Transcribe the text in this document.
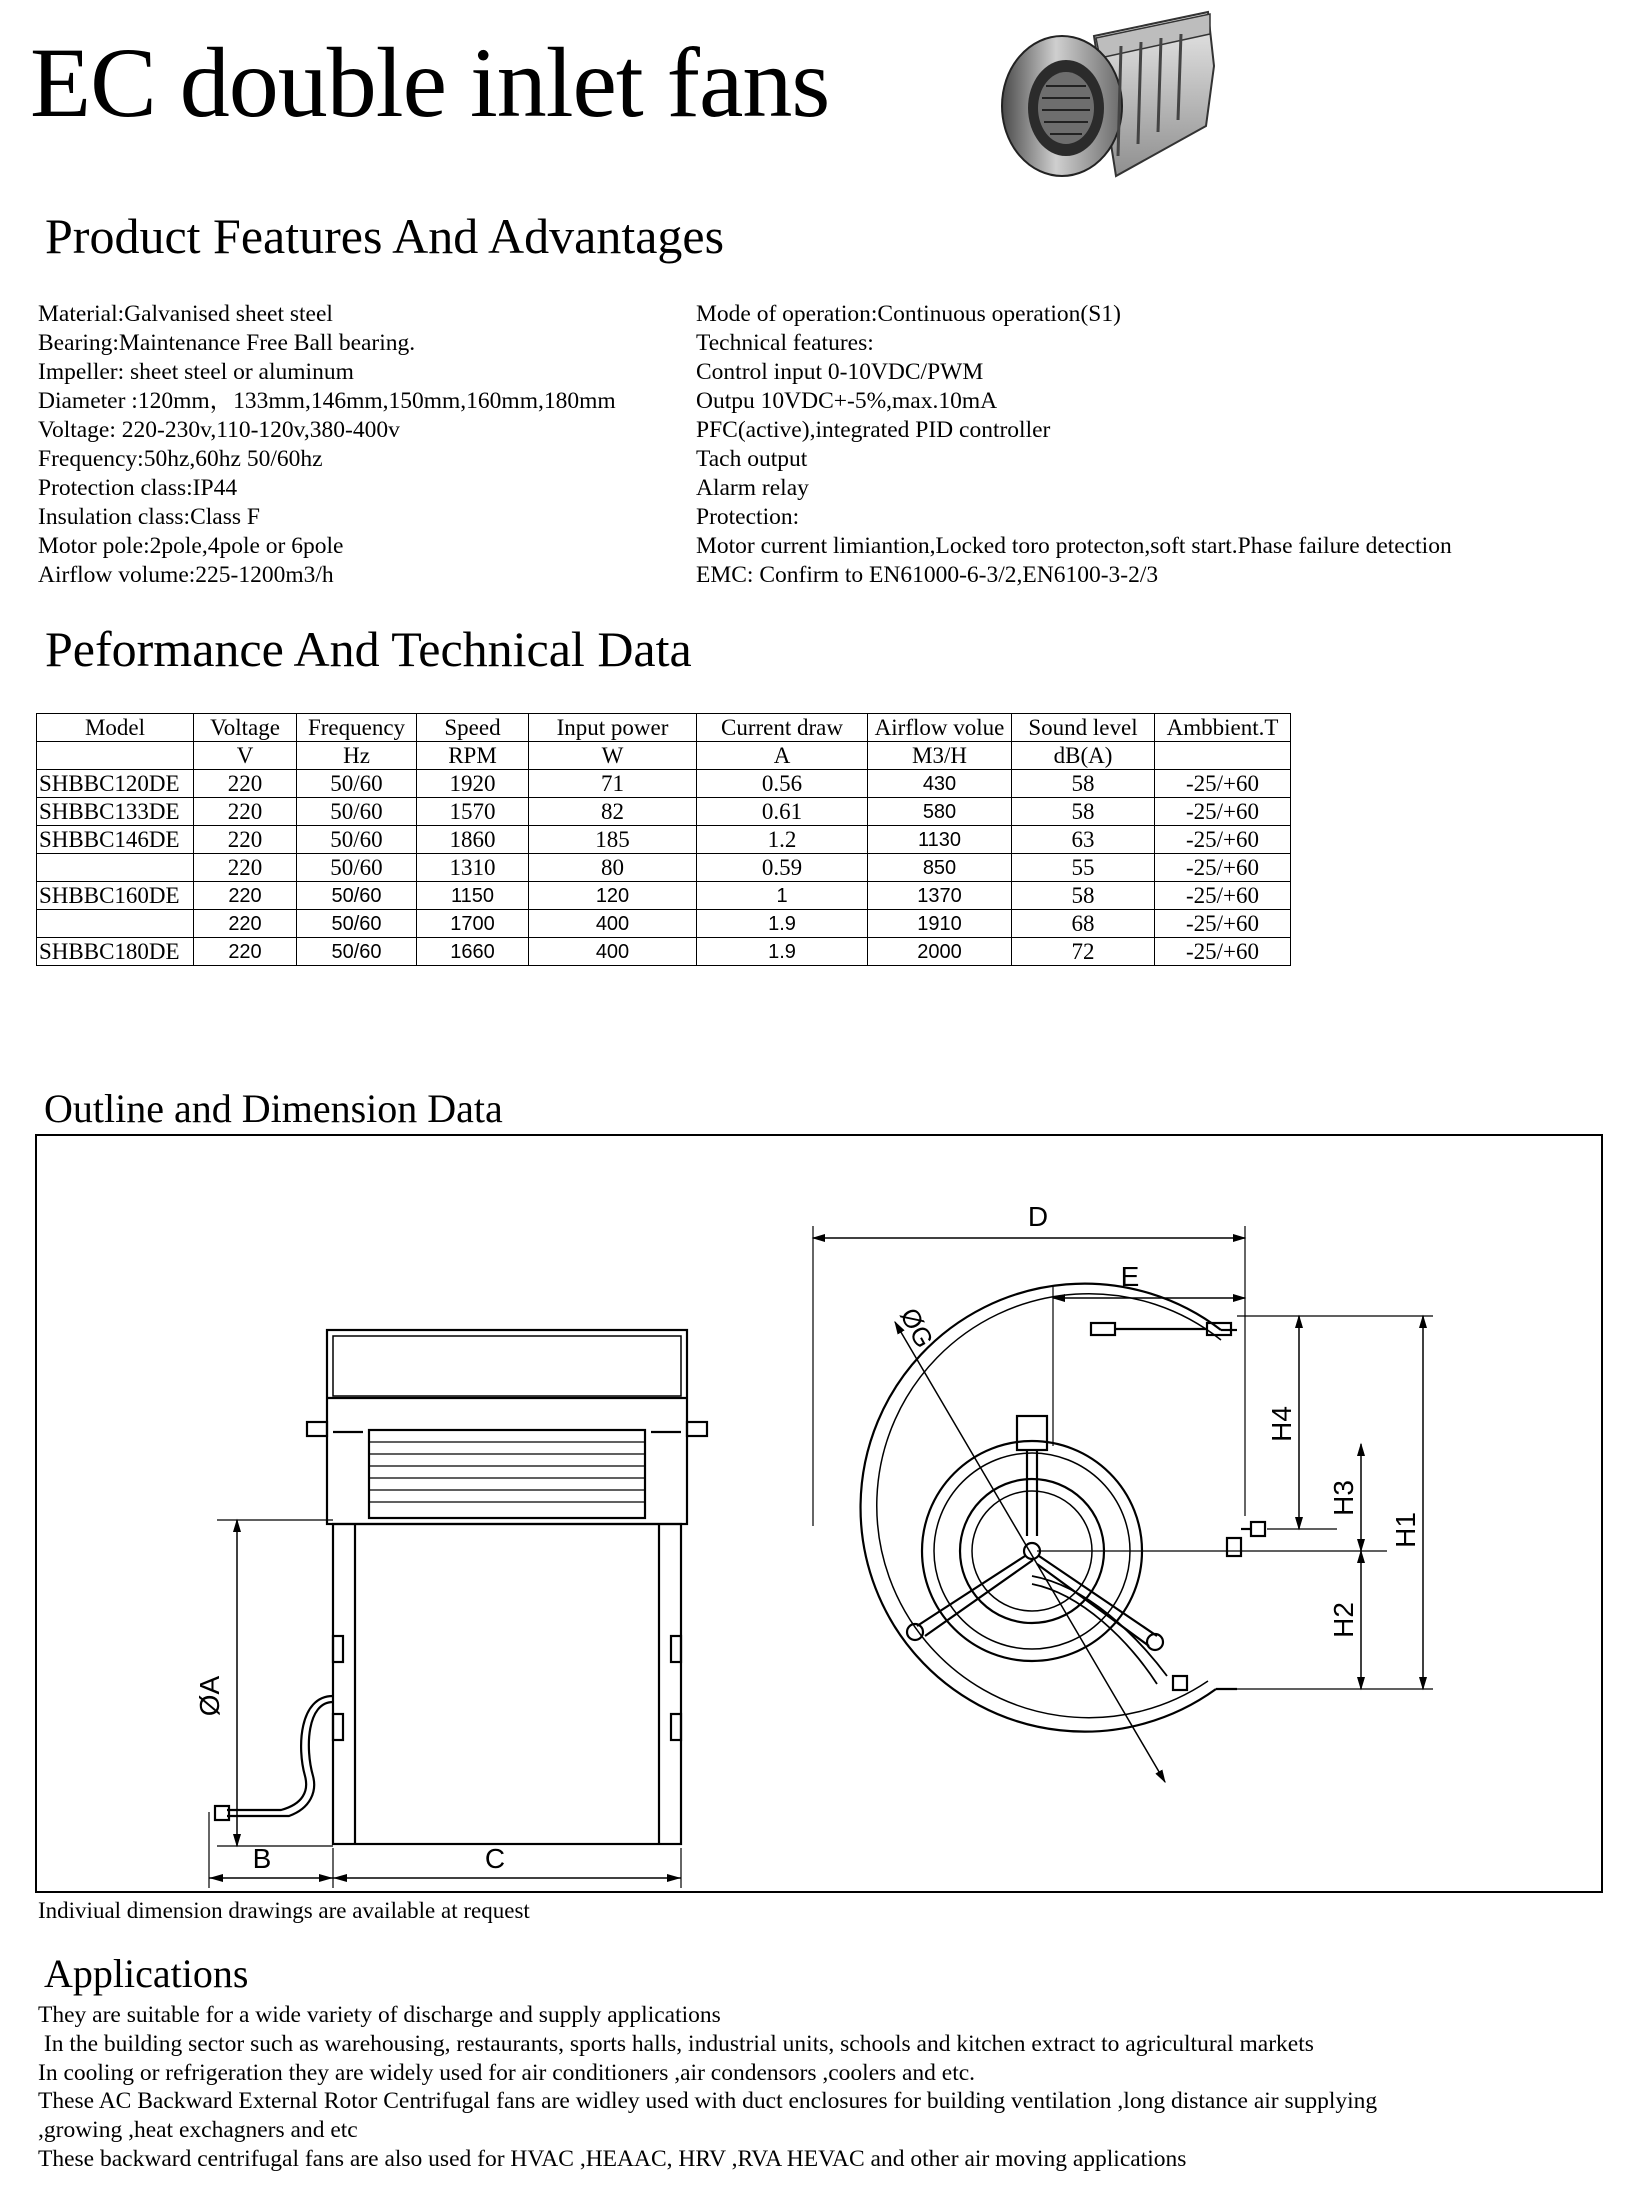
EC double inlet fans
Product Features And Advantages
Material:Galvanised sheet steel
Bearing:Maintenance Free Ball bearing.
Impeller: sheet steel or aluminum
Diameter :120mm，133mm,146mm,150mm,160mm,180mm
Voltage: 220-230v,110-120v,380-400v
Frequency:50hz,60hz 50/60hz
Protection class:IP44
Insulation class:Class F
Motor pole:2pole,4pole or 6pole
Airflow volume:225-1200m3/h
Mode of operation:Continuous operation(S1)
Technical features:
Control input 0-10VDC/PWM
Outpu 10VDC+-5%,max.10mA
PFC(active),integrated PID controller
Tach output
Alarm relay
Protection:
Motor current limiantion,Locked toro protecton,soft start.Phase failure detection
EMC: Confirm to EN61000-6-3/2,EN6100-3-2/3
Peformance And Technical Data
Model	Voltage	Frequency	Speed	Input power	Current draw	Airflow volue	Sound level	Ambbient.T
	V	Hz	RPM	W	A	M3/H	dB(A)	
SHBBC120DE	220	50/60	1920	71	0.56	430	58	-25/+60
SHBBC133DE	220	50/60	1570	82	0.61	580	58	-25/+60
SHBBC146DE	220	50/60	1860	185	1.2	1130	63	-25/+60
	220	50/60	1310	80	0.59	850	55	-25/+60
SHBBC160DE	220	50/60	1150	120	1	1370	58	-25/+60
	220	50/60	1700	400	1.9	1910	68	-25/+60
SHBBC180DE	220	50/60	1660	400	1.9	2000	72	-25/+60
Outline and Dimension Data
ØA
B	C
D
E
ØG
H4
H3
H2
H1
Indiviual dimension drawings are available at request
Applications
They are suitable for a wide variety of discharge and supply applications
In the building sector such as warehousing, restaurants, sports halls, industrial units, schools and kitchen extract to agricultural markets
In cooling or refrigeration they are widely used for air conditioners ,air condensors ,coolers and etc.
These AC Backward External Rotor Centrifugal fans are widley used with duct enclosures for building ventilation ,long distance air supplying
,growing ,heat exchagners and etc
These backward centrifugal fans are also used for HVAC ,HEAAC, HRV ,RVA HEVAC and other air moving applications
